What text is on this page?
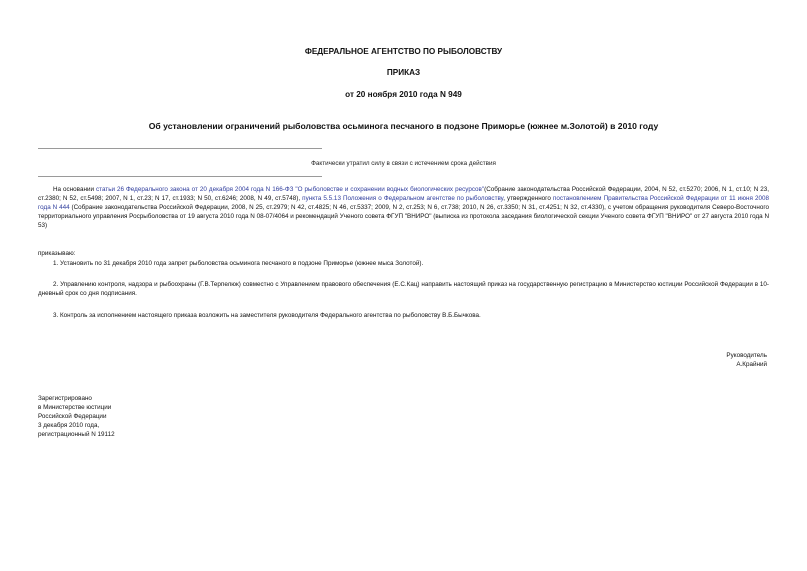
ФЕДЕРАЛЬНОЕ АГЕНТСТВО ПО РЫБОЛОВСТВУ
ПРИКАЗ
от 20 ноября 2010 года N 949
Об установлении ограничений рыболовства осьминога песчаного в подзоне Приморье (южнее м.Золотой) в 2010 году
Фактически утратил силу в связи с истечением срока действия
На основании статьи 26 Федерального закона от 20 декабря 2004 года N 166-ФЗ "О рыболовстве и сохранении водных биологических ресурсов"(Собрание законодательства Российской Федерации, 2004, N 52, ст.5270; 2006, N 1, ст.10; N 23, ст.2380; N 52, ст.5498; 2007, N 1, ст.23; N 17, ст.1933; N 50, ст.6246; 2008, N 49, ст.5748), пункта 5.5.13 Положения о Федеральном агентстве по рыболовству, утвержденного постановлением Правительства Российской Федерации от 11 июня 2008 года N 444 (Собрание законодательства Российской Федерации, 2008, N 25, ст.2979; N 42, ст.4825; N 46, ст.5337; 2009, N 2, ст.253; N 6, ст.738; 2010, N 26, ст.3350; N 31, ст.4251; N 32, ст.4330), с учетом обращения руководителя Северо-Восточного территориального управления Росрыболовства от 19 августа 2010 года N 08-07/4064 и рекомендаций Ученого совета ФГУП "ВНИРО" (выписка из протокола заседания биологической секции Ученого совета ФГУП "ВНИРО" от 27 августа 2010 года N 53)
приказываю:
1. Установить по 31 декабря 2010 года запрет рыболовства осьминога песчаного в подзоне Приморье (южнее мыса Золотой).
2. Управлению контроля, надзора и рыбоохраны (Г.В.Терпелюк) совместно с Управлением правового обеспечения (Е.С.Кац) направить настоящий приказ на государственную регистрацию в Министерство юстиции Российской Федерации в 10-дневный срок со дня подписания.
3. Контроль за исполнением настоящего приказа возложить на заместителя руководителя Федерального агентства по рыболовству В.Б.Бычкова.
Руководитель
А.Крайний
Зарегистрировано
в Министерстве юстиции
Российской Федерации
3 декабря 2010 года,
регистрационный N 19112
